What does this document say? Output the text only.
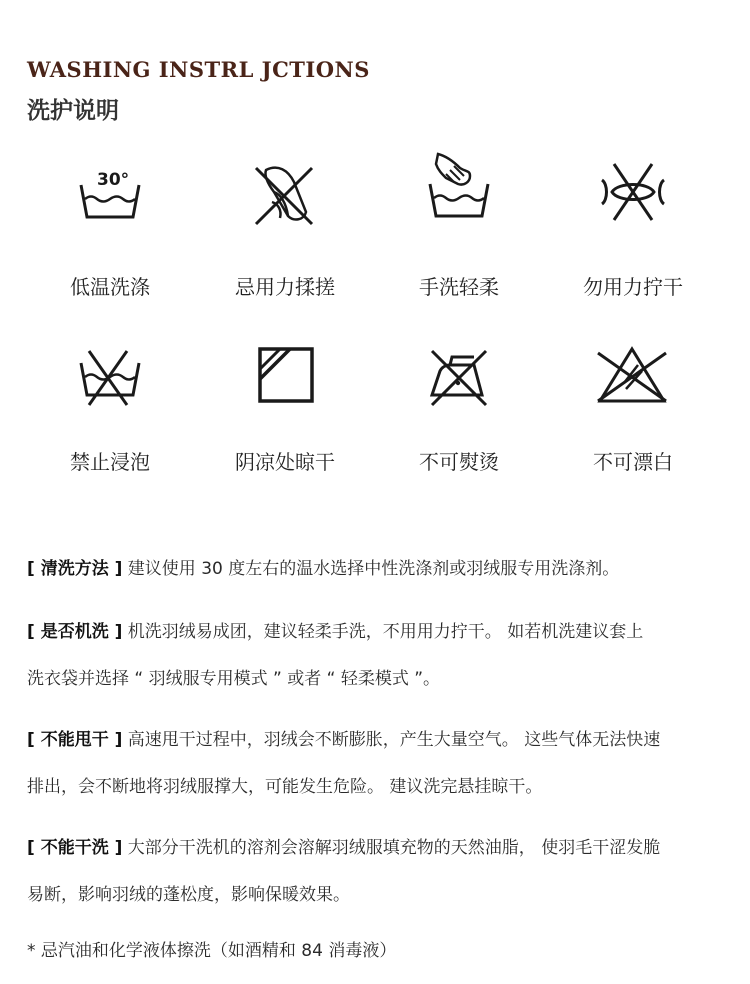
WASHING INSTRL JCTIONS
洗护说明
30°
低温洗涤	忌用力揉搓	手洗轻柔	勿用力拧干
禁止浸泡	阴凉处晾干	不可熨烫	不可漂白

[ 清洗方法 ] 建议使用 30 度左右的温水选择中性洗涤剂或羽绒服专用洗涤剂。

[ 是否机洗 ] 机洗羽绒易成团，建议轻柔手洗，不用用力拧干。 如若机洗建议套上

洗衣袋并选择 “ 羽绒服专用模式 ” 或者 “ 轻柔模式 ”。

[ 不能甩干 ] 高速甩干过程中，羽绒会不断膨胀，产生大量空气。 这些气体无法快速

排出，会不断地将羽绒服撑大，可能发生危险。 建议洗完悬挂晾干。

[ 不能干洗 ] 大部分干洗机的溶剂会溶解羽绒服填充物的天然油脂， 使羽毛干涩发脆

易断，影响羽绒的蓬松度，影响保暖效果。

* 忌汽油和化学液体擦洗（如酒精和 84 消毒液）
